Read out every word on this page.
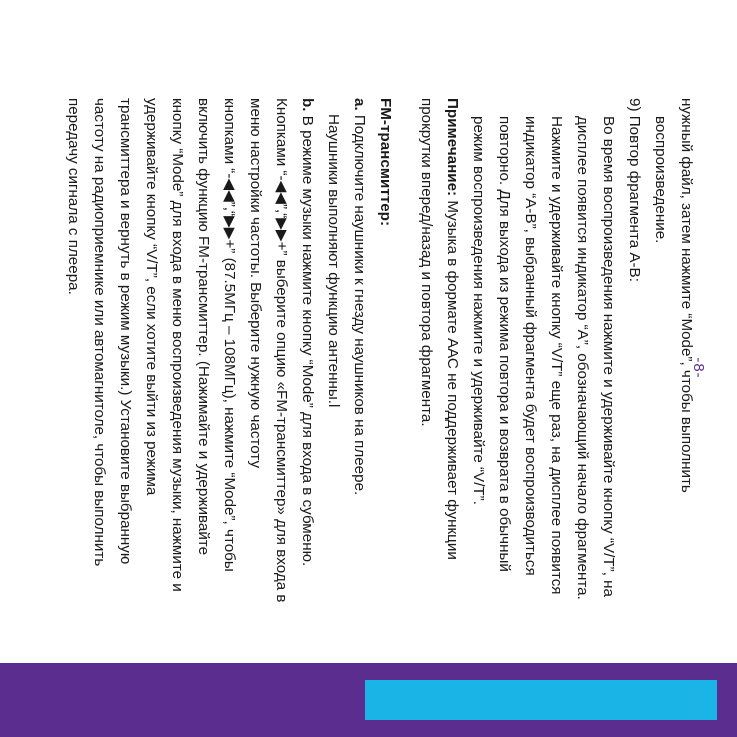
нужный файл, затем нажмите “Mode”, чтобы выполнить
воспроизведение.
9) Повтор фрагмента А-В:
Во время воспроизведения нажмите и удерживайте кнопку “V/T”, на
дисплее появится индикатор “A”, обозначающий начало фрагмента.
Нажмите и удерживайте кнопку “V/T” еще раз, на дисплее появится
индикатор “A-B”, выбранный фрагмента будет воспроизводиться
повторно. Для выхода из режима повтора и возврата в обычный
режим воспроизведения нажмите и удерживайте “V/T”.
Примечание: Музыка в формате ААС не поддерживает функции
прокрутки вперед/назад и повтора фрагмента.
FM-трансмиттер:
a. Подключите наушники к гнезду наушников на плеере.
Наушники выполняют функцию антенны.l
b. В режиме музыки нажмите кнопку “Mode” для входа в субменю.
Кнопками “-◀◀”,“▶▶+” выберите опцию «FM-трансмиттер» для входа в
меню настройки частоты. Выберите нужную частоту
кнопками “-◀◀”,“▶▶+” (87.5МГц – 108МГц), нажмите “Mode”, чтобы
включить функцию FM-трансмиттер. (Нажимайте и удерживайте
кнопку “Mode” для входа в меню воспроизведения музыки, нажмите и
удерживайте кнопку “V/T”, если хотите выйти из режима
трансмиттера и вернуть в режим музыки.) Установите выбранную
частоту на радиоприемнике или автомагнитоле, чтобы выполнить
передачу сигнала с плеера.
-8-
